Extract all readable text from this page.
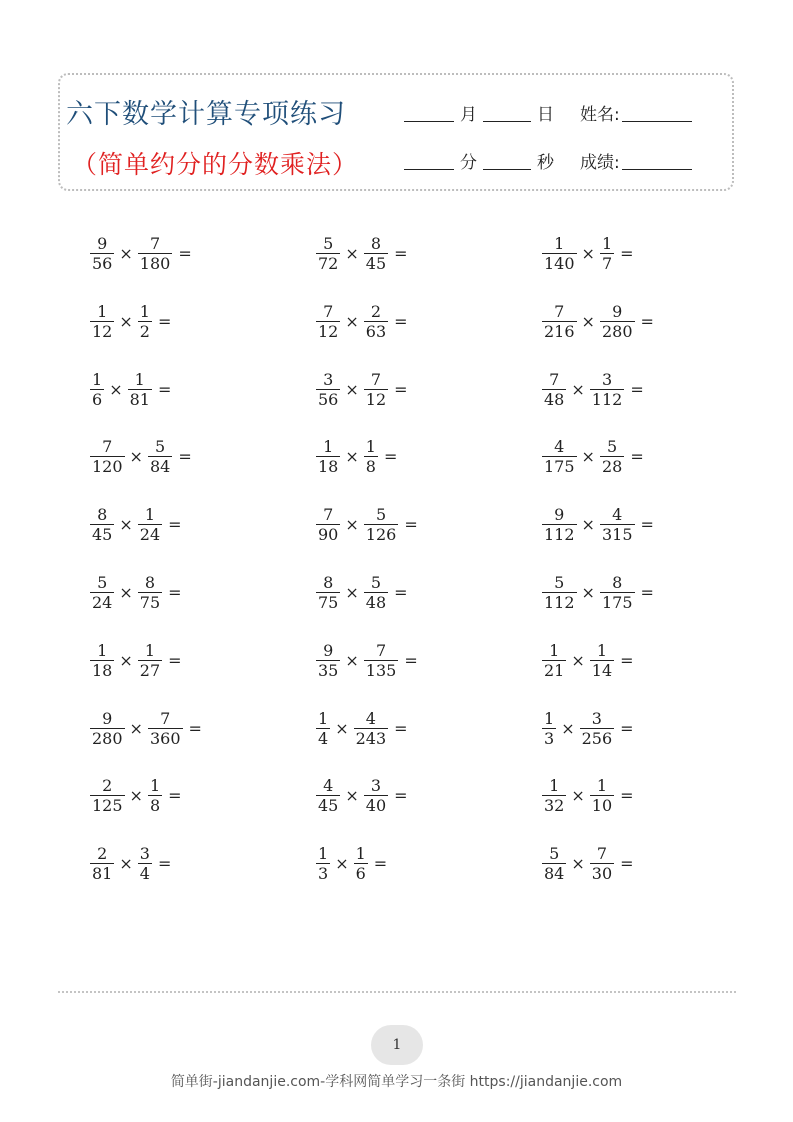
六下数学计算专项练习
（简单约分的分数乘法）
月	日 姓名:
分	秒 成绩:
$\frac{9}{56} \times \frac{7}{180}$ =
$\frac{1}{12} \times \frac{1}{2}$ =
$\frac{1}{6} \times \frac{1}{81}$ =
$\frac{7}{120} \times \frac{5}{84}$ =
$\frac{8}{45} \times \frac{1}{24}$ =
$\frac{5}{24} \times \frac{8}{75}$ =
$\frac{1}{18} \times \frac{1}{27}$ =
$\frac{9}{280} \times \frac{7}{360}$ =
$\frac{2}{125} \times \frac{1}{8}$ =
$\frac{2}{81} \times \frac{3}{4}$ =
$\frac{5}{72} \times \frac{8}{45}$ =
$\frac{7}{12} \times \frac{2}{63}$ =
$\frac{3}{56} \times \frac{7}{12}$ =
$\frac{1}{18} \times \frac{1}{8}$ =
$\frac{7}{90} \times \frac{5}{126}$ =
$\frac{8}{75} \times \frac{5}{48}$ =
$\frac{9}{35} \times \frac{7}{135}$ =
$\frac{1}{4} \times \frac{4}{243}$ =
$\frac{4}{45} \times \frac{3}{40}$ =
$\frac{1}{3} \times \frac{1}{6}$ =
$\frac{1}{140} \times \frac{1}{7}$ =
$\frac{7}{216} \times \frac{9}{280}$ =
$\frac{7}{48} \times \frac{3}{112}$ =
$\frac{4}{175} \times \frac{5}{28}$ =
$\frac{9}{112} \times \frac{4}{315}$ =
$\frac{5}{112} \times \frac{8}{175}$ =
$\frac{1}{21} \times \frac{1}{14}$ =
$\frac{1}{3} \times \frac{3}{256}$ =
$\frac{1}{32} \times \frac{1}{10}$ =
$\frac{5}{84} \times \frac{7}{30}$ =
1
简单街-jiandanjie.com-学科网简单学习一条街 https://jiandanjie.com
